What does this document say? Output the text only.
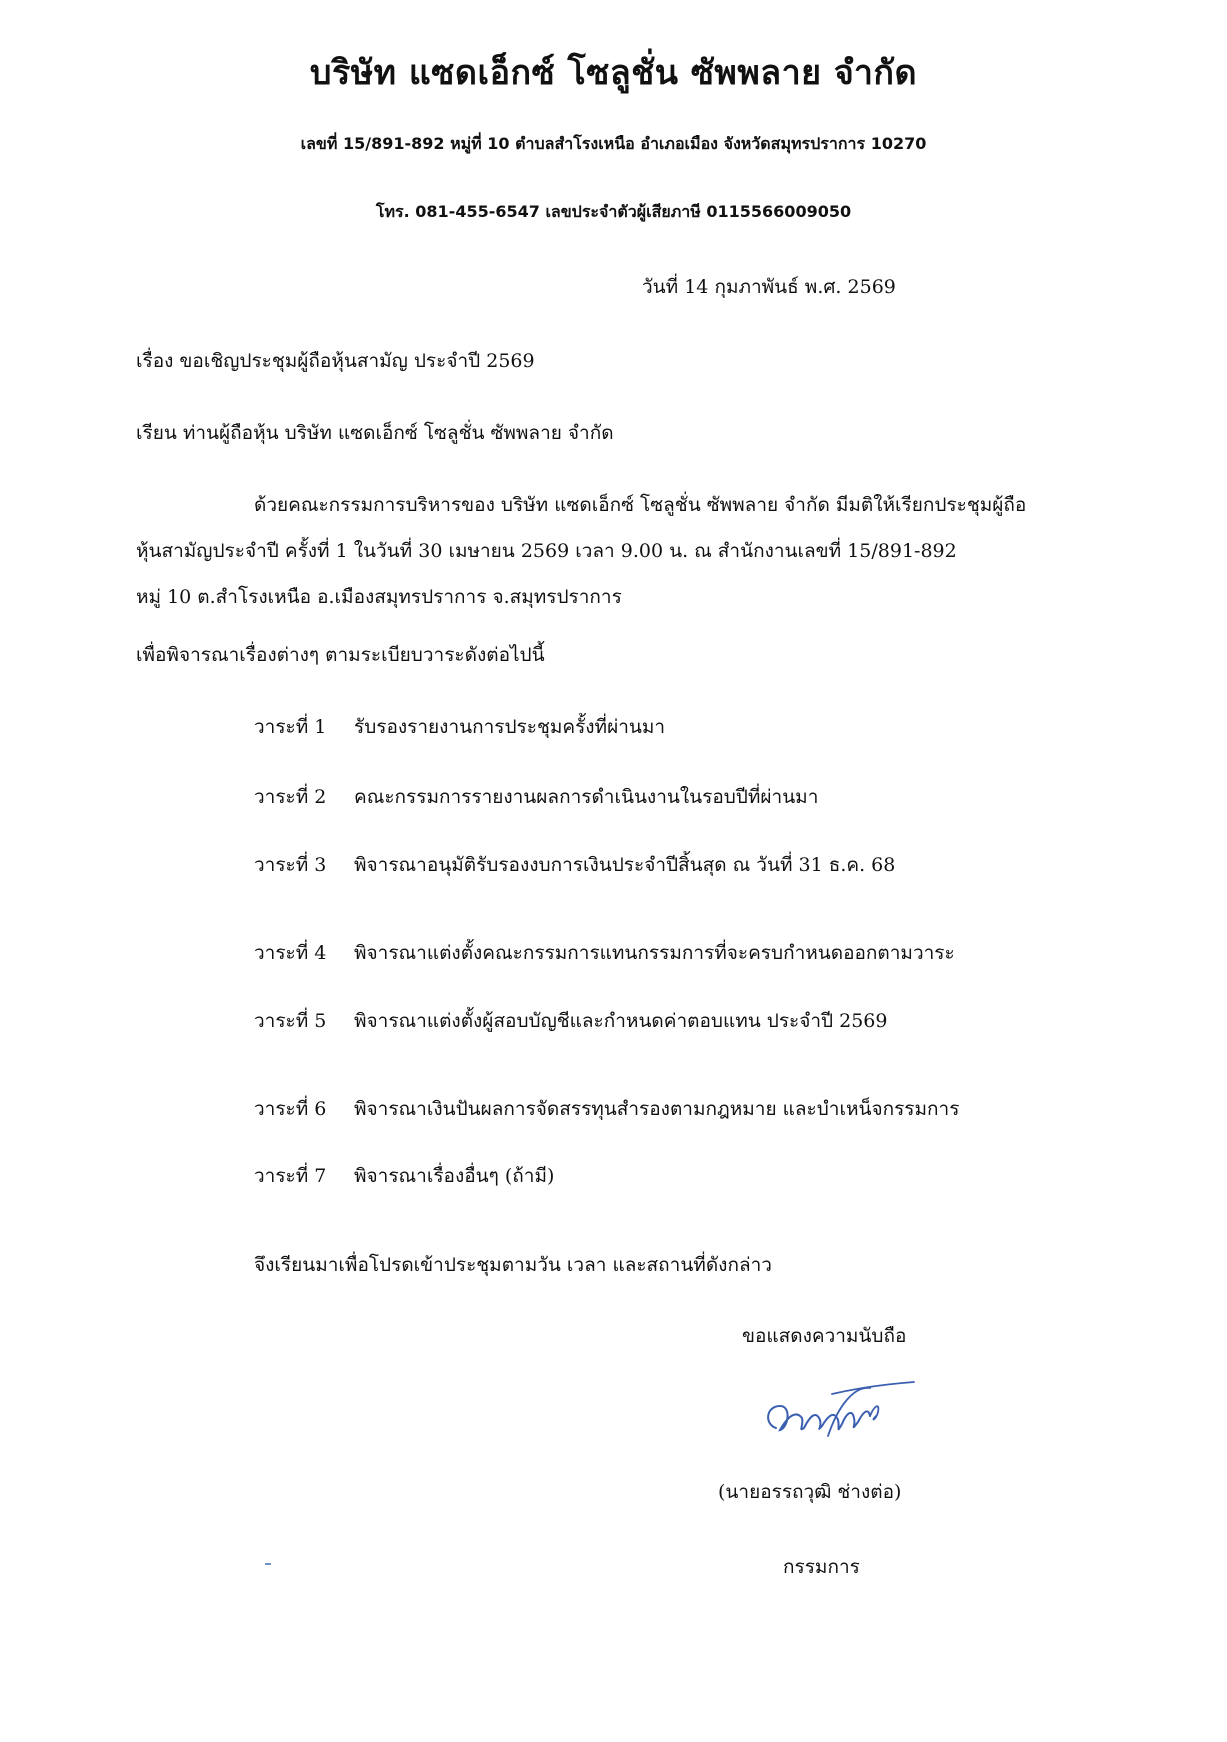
บริษัท แซดเอ็กซ์ โซลูชั่น ซัพพลาย จำกัด
เลขที่ 15/891-892 หมู่ที่ 10 ตำบลสำโรงเหนือ อำเภอเมือง จังหวัดสมุทรปราการ 10270
โทร. 081-455-6547 เลขประจำตัวผู้เสียภาษี 0115566009050
วันที่ 14 กุมภาพันธ์ พ.ศ. 2569
เรื่อง ขอเชิญประชุมผู้ถือหุ้นสามัญ ประจำปี 2569
เรียน ท่านผู้ถือหุ้น บริษัท แซดเอ็กซ์ โซลูชั่น ซัพพลาย จำกัด
ด้วยคณะกรรมการบริหารของ บริษัท แซดเอ็กซ์ โซลูชั่น ซัพพลาย จำกัด มีมติให้เรียกประชุมผู้ถือ
หุ้นสามัญประจำปี ครั้งที่ 1 ในวันที่ 30 เมษายน 2569 เวลา 9.00 น. ณ สำนักงานเลขที่ 15/891-892
หมู่ 10 ต.สำโรงเหนือ อ.เมืองสมุทรปราการ จ.สมุทรปราการ
เพื่อพิจารณาเรื่องต่างๆ ตามระเบียบวาระดังต่อไปนี้
วาระที่ 1 รับรองรายงานการประชุมครั้งที่ผ่านมา
วาระที่ 2 คณะกรรมการรายงานผลการดำเนินงานในรอบปีที่ผ่านมา
วาระที่ 3 พิจารณาอนุมัติรับรองงบการเงินประจำปีสิ้นสุด ณ วันที่ 31 ธ.ค. 68
วาระที่ 4 พิจารณาแต่งตั้งคณะกรรมการแทนกรรมการที่จะครบกำหนดออกตามวาระ
วาระที่ 5 พิจารณาแต่งตั้งผู้สอบบัญชีและกำหนดค่าตอบแทน ประจำปี 2569
วาระที่ 6 พิจารณาเงินปันผลการจัดสรรทุนสำรองตามกฎหมาย และบำเหน็จกรรมการ
วาระที่ 7 พิจารณาเรื่องอื่นๆ (ถ้ามี)
จึงเรียนมาเพื่อโปรดเข้าประชุมตามวัน เวลา และสถานที่ดังกล่าว
ขอแสดงความนับถือ
(นายอรรถวุฒิ ช่างต่อ)
กรรมการ
